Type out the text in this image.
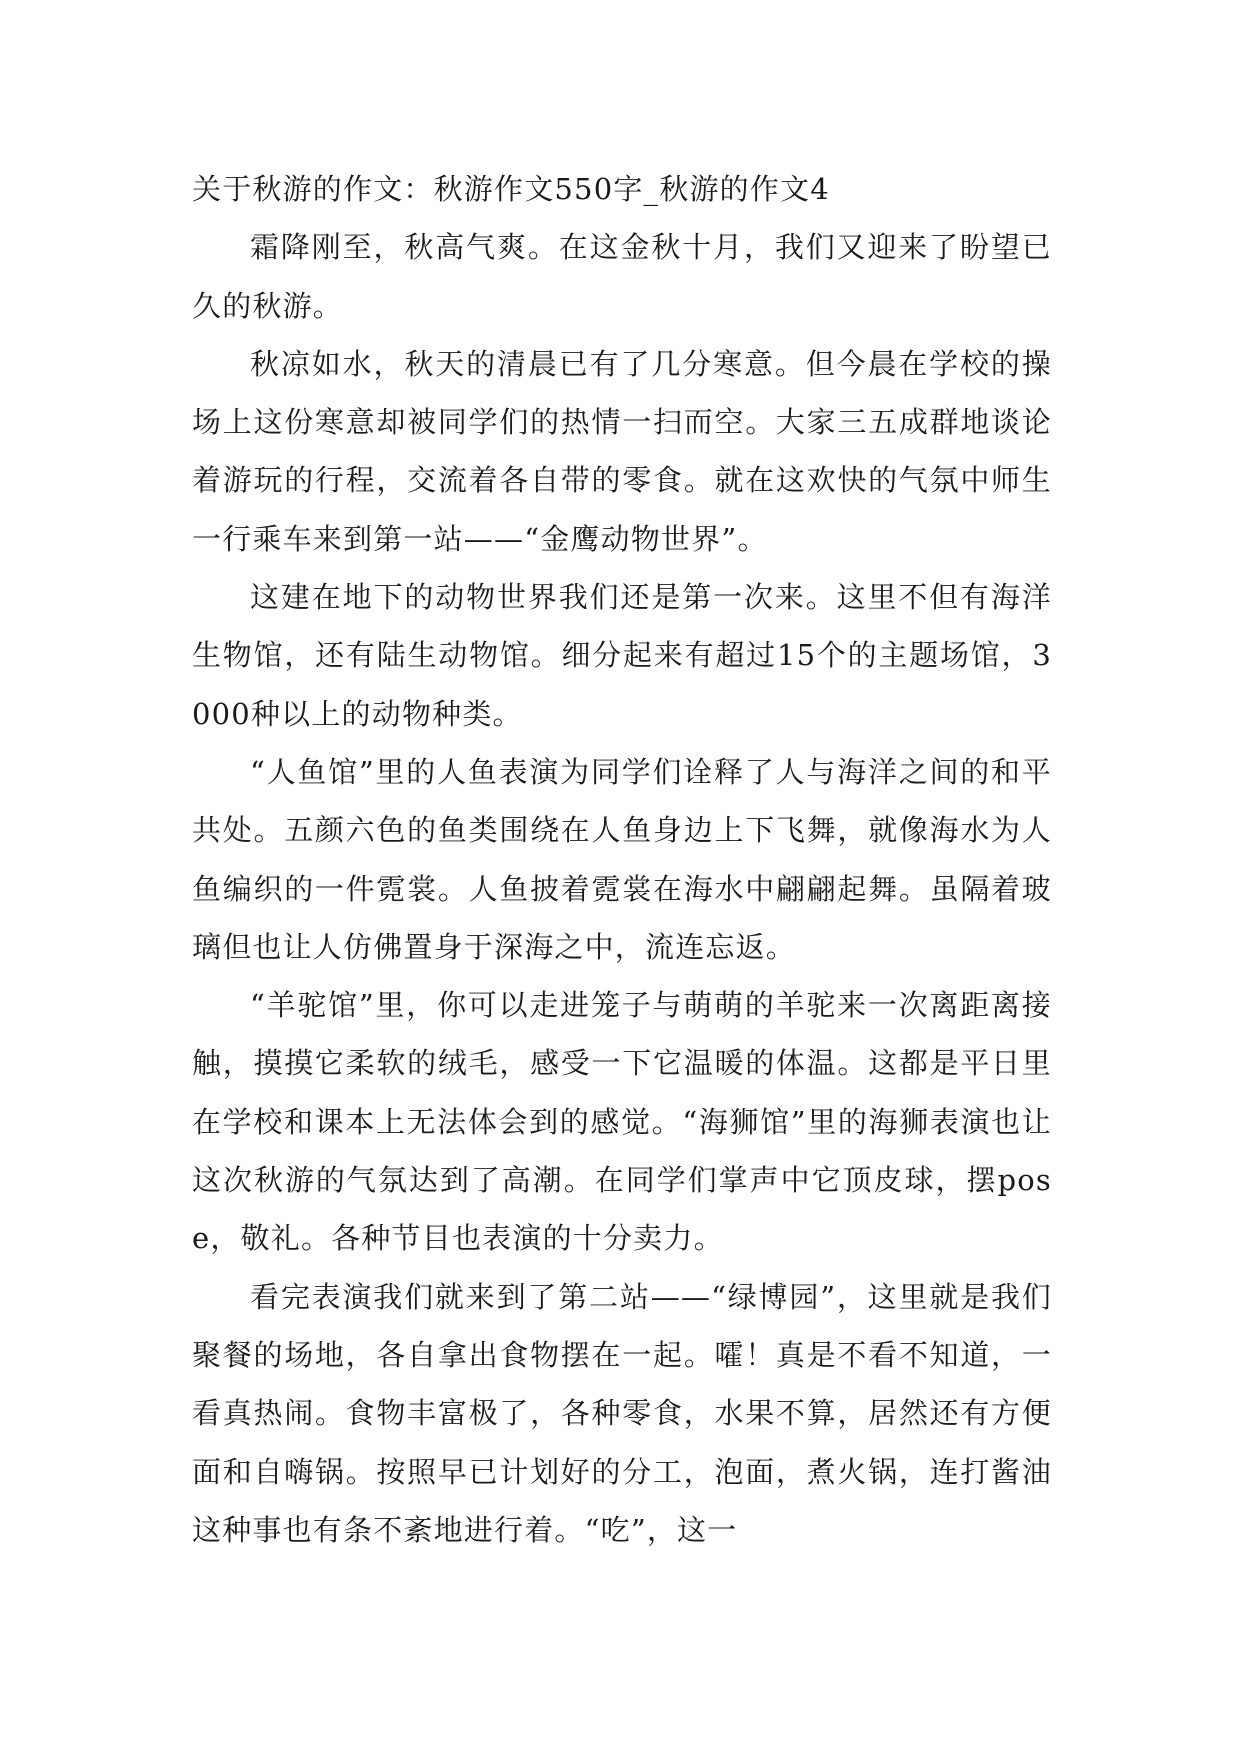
关于秋游的作文：秋游作文550字_秋游的作文4

霜降刚至，秋高气爽。在这金秋十月，我们又迎来了盼望已久的秋游。

秋凉如水，秋天的清晨已有了几分寒意。但今晨在学校的操场上这份寒意却被同学们的热情一扫而空。大家三五成群地谈论着游玩的行程，交流着各自带的零食。就在这欢快的气氛中师生一行乘车来到第一站——“金鹰动物世界”。

这建在地下的动物世界我们还是第一次来。这里不但有海洋生物馆，还有陆生动物馆。细分起来有超过15个的主题场馆，3000种以上的动物种类。

“人鱼馆”里的人鱼表演为同学们诠释了人与海洋之间的和平共处。五颜六色的鱼类围绕在人鱼身边上下飞舞，就像海水为人鱼编织的一件霓裳。人鱼披着霓裳在海水中翩翩起舞。虽隔着玻璃但也让人仿佛置身于深海之中，流连忘返。

“羊驼馆”里，你可以走进笼子与萌萌的羊驼来一次离距离接触，摸摸它柔软的绒毛，感受一下它温暖的体温。这都是平日里在学校和课本上无法体会到的感觉。“海狮馆”里的海狮表演也让这次秋游的气氛达到了高潮。在同学们掌声中它顶皮球，摆pose，敬礼。各种节目也表演的十分卖力。

看完表演我们就来到了第二站——“绿博园”，这里就是我们聚餐的场地，各自拿出食物摆在一起。嚯！真是不看不知道，一看真热闹。食物丰富极了，各种零食，水果不算，居然还有方便面和自嗨锅。按照早已计划好的分工，泡面，煮火锅，连打酱油这种事也有条不紊地进行着。“吃”，这一
